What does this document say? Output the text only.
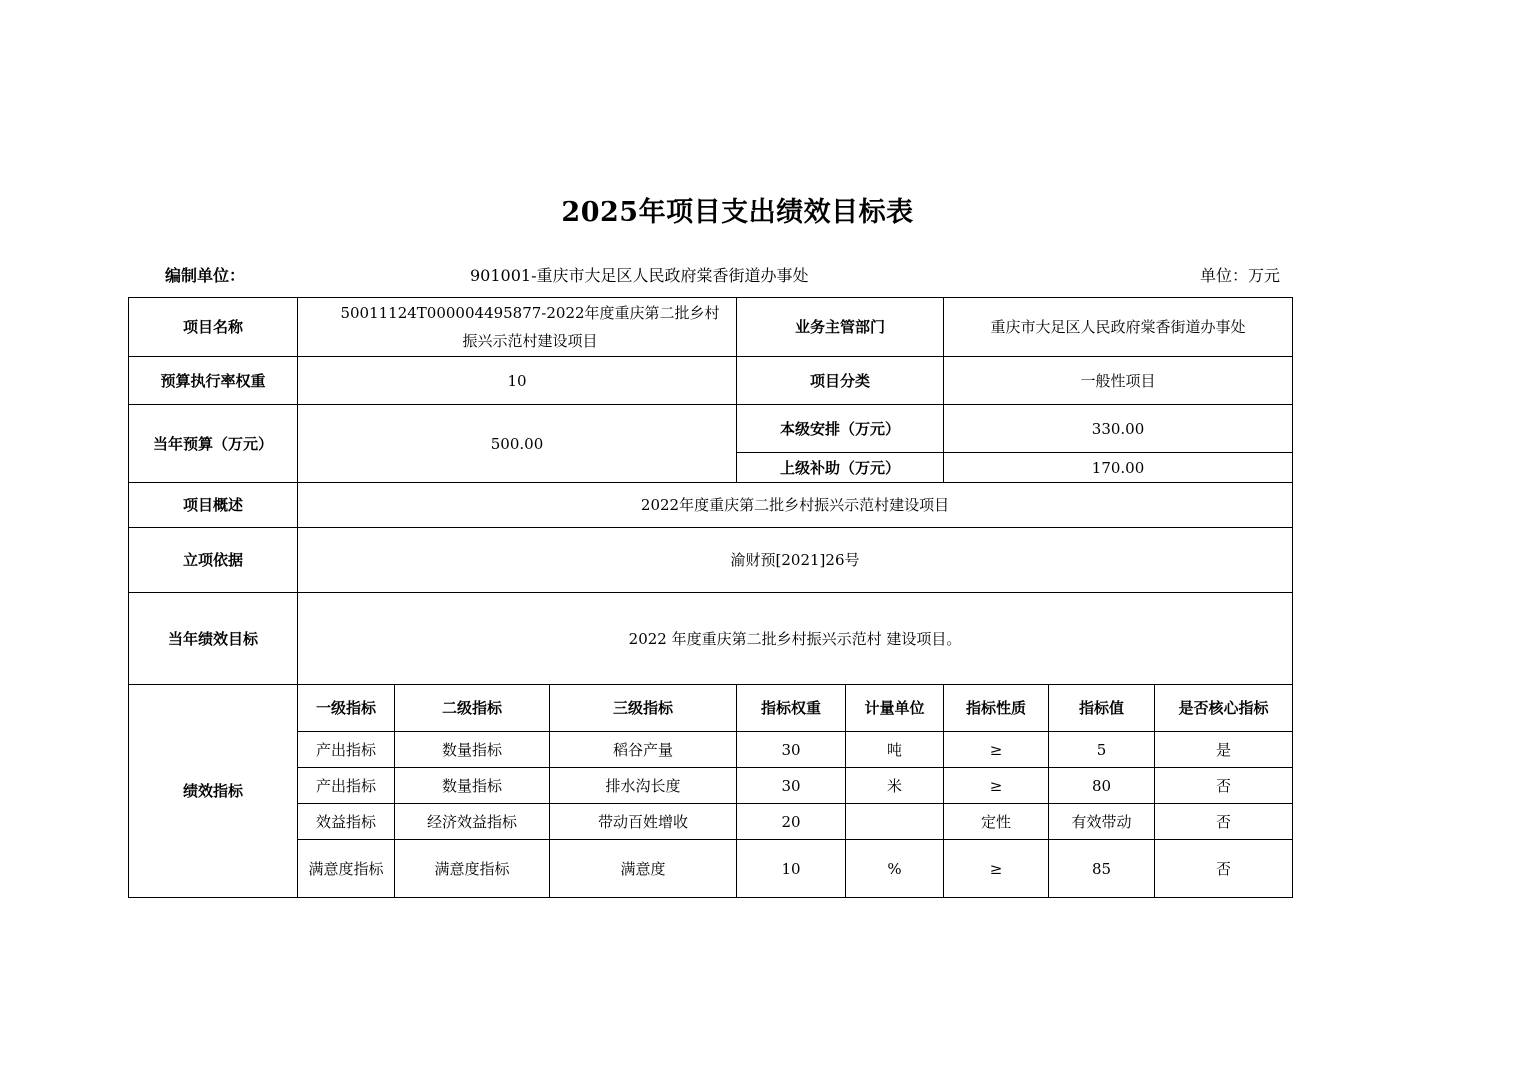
2025年项目支出绩效目标表
编制单位：	901001-重庆市大足区人民政府棠香街道办事处	单位：万元
项目名称	50011124T000004495877-2022年度重庆第二批乡村振兴示范村建设项目			业务主管部门		重庆市大足区人民政府棠香街道办事处		
预算执行率权重	10			项目分类		一般性项目		
当年预算（万元）	500.00			本级安排（万元）		330.00		
				上级补助（万元）		170.00		
项目概述	2022年度重庆第二批乡村振兴示范村建设项目							
立项依据	渝财预[2021]26号							
当年绩效目标	2022 年度重庆第二批乡村振兴示范村 建设项目。							
绩效指标	一级指标	二级指标	三级指标	指标权重	计量单位	指标性质	指标值	是否核心指标
	产出指标	数量指标	稻谷产量	30	吨	≥	5	是
	产出指标	数量指标	排水沟长度	30	米	≥	80	否
	效益指标	经济效益指标	带动百姓增收	20		定性	有效带动	否
	满意度指标	满意度指标	满意度	10	%	≥	85	否
